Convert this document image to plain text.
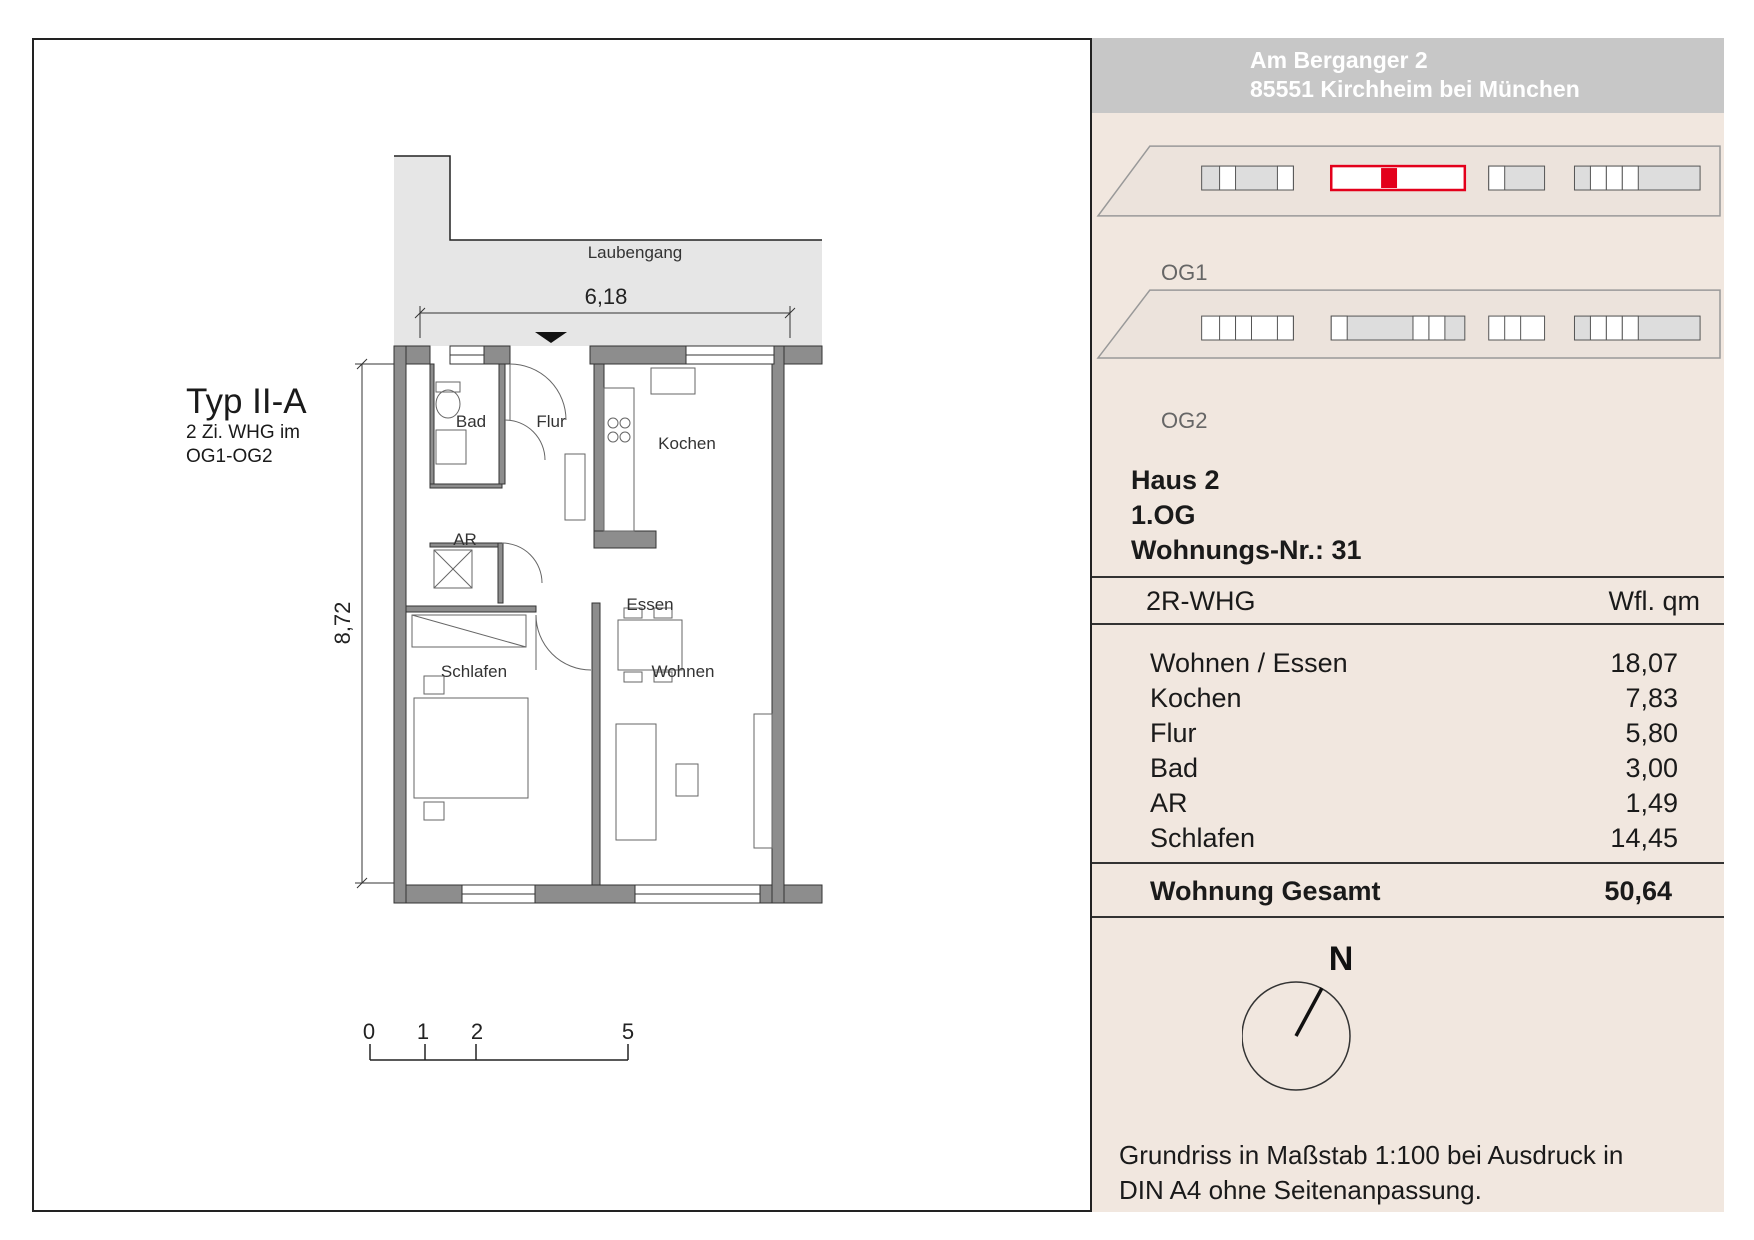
Typ II-A
2 Zi. WHG im
OG1-OG2
Laubengang
6,18
8,72
Bad	Flur
Kochen
AR
Essen
Schlafen	Wohnen
0 1 2	5
Am Berganger 2
85551 Kirchheim bei München
OG1
OG2
Haus 2
1.OG
Wohnungs-Nr.: 31
2R-WHG	Wfl. qm
Wohnen / Essen	18,07
Kochen	7,83
Flur	5,80
Bad	3,00
AR	1,49
Schlafen	14,45
Wohnung Gesamt	50,64
N
Grundriss in Maßstab 1:100 bei Ausdruck in
DIN A4 ohne Seitenanpassung.
